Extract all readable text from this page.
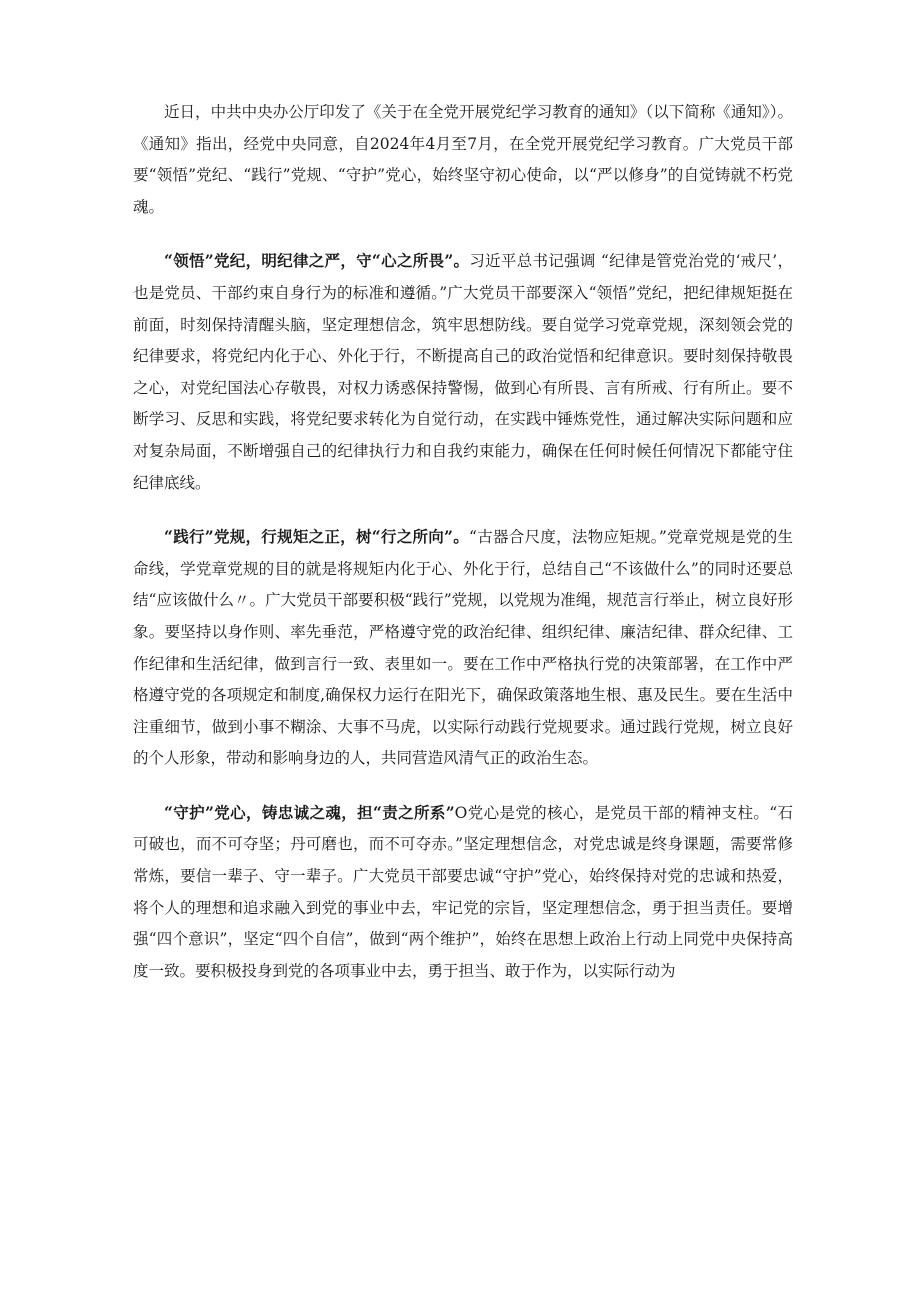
近日，中共中央办公厅印发了《关于在全党开展党纪学习教育的通知》（以下简称《通知》）。《通知》指出，经党中央同意，自2024年4月至7月，在全党开展党纪学习教育。广大党员干部要“领悟”党纪、“践行”党规、“守护”党心，始终坚守初心使命，以“严以修身”的自觉铸就不朽党魂。

“领悟”党纪，明纪律之严，守“心之所畏”。习近平总书记强调 “纪律是管党治党的‘戒尺’，也是党员、干部约束自身行为的标准和遵循。”广大党员干部要深入“领悟”党纪，把纪律规矩挺在前面，时刻保持清醒头脑，坚定理想信念，筑牢思想防线。要自觉学习党章党规，深刻领会党的纪律要求，将党纪内化于心、外化于行，不断提高自己的政治觉悟和纪律意识。要时刻保持敬畏之心，对党纪国法心存敬畏，对权力诱惑保持警惕，做到心有所畏、言有所戒、行有所止。要不断学习、反思和实践，将党纪要求转化为自觉行动，在实践中锤炼党性，通过解决实际问题和应对复杂局面，不断增强自己的纪律执行力和自我约束能力，确保在任何时候任何情况下都能守住纪律底线。

“践行”党规，行规矩之正，树“行之所向”。“古器合尺度，法物应矩规。”党章党规是党的生命线，学党章党规的目的就是将规矩内化于心、外化于行，总结自己“不该做什么”的同时还要总结“应该做什么〃。广大党员干部要积极“践行”党规，以党规为准绳，规范言行举止，树立良好形象。要坚持以身作则、率先垂范，严格遵守党的政治纪律、组织纪律、廉洁纪律、群众纪律、工作纪律和生活纪律，做到言行一致、表里如一。要在工作中严格执行党的决策部署，在工作中严格遵守党的各项规定和制度,确保权力运行在阳光下，确保政策落地生根、惠及民生。要在生活中注重细节，做到小事不糊涂、大事不马虎，以实际行动践行党规要求。通过践行党规，树立良好的个人形象，带动和影响身边的人，共同营造风清气正的政治生态。

“守护”党心，铸忠诚之魂，担“责之所系”O党心是党的核心，是党员干部的精神支柱。“石可破也，而不可夺坚；丹可磨也，而不可夺赤。”坚定理想信念，对党忠诚是终身课题，需要常修常炼，要信一辈子、守一辈子。广大党员干部要忠诚“守护”党心，始终保持对党的忠诚和热爱，将个人的理想和追求融入到党的事业中去，牢记党的宗旨，坚定理想信念，勇于担当责任。要增强“四个意识”，坚定“四个自信”，做到“两个维护”，始终在思想上政治上行动上同党中央保持高度一致。要积极投身到党的各项事业中去，勇于担当、敢于作为，以实际行动为
